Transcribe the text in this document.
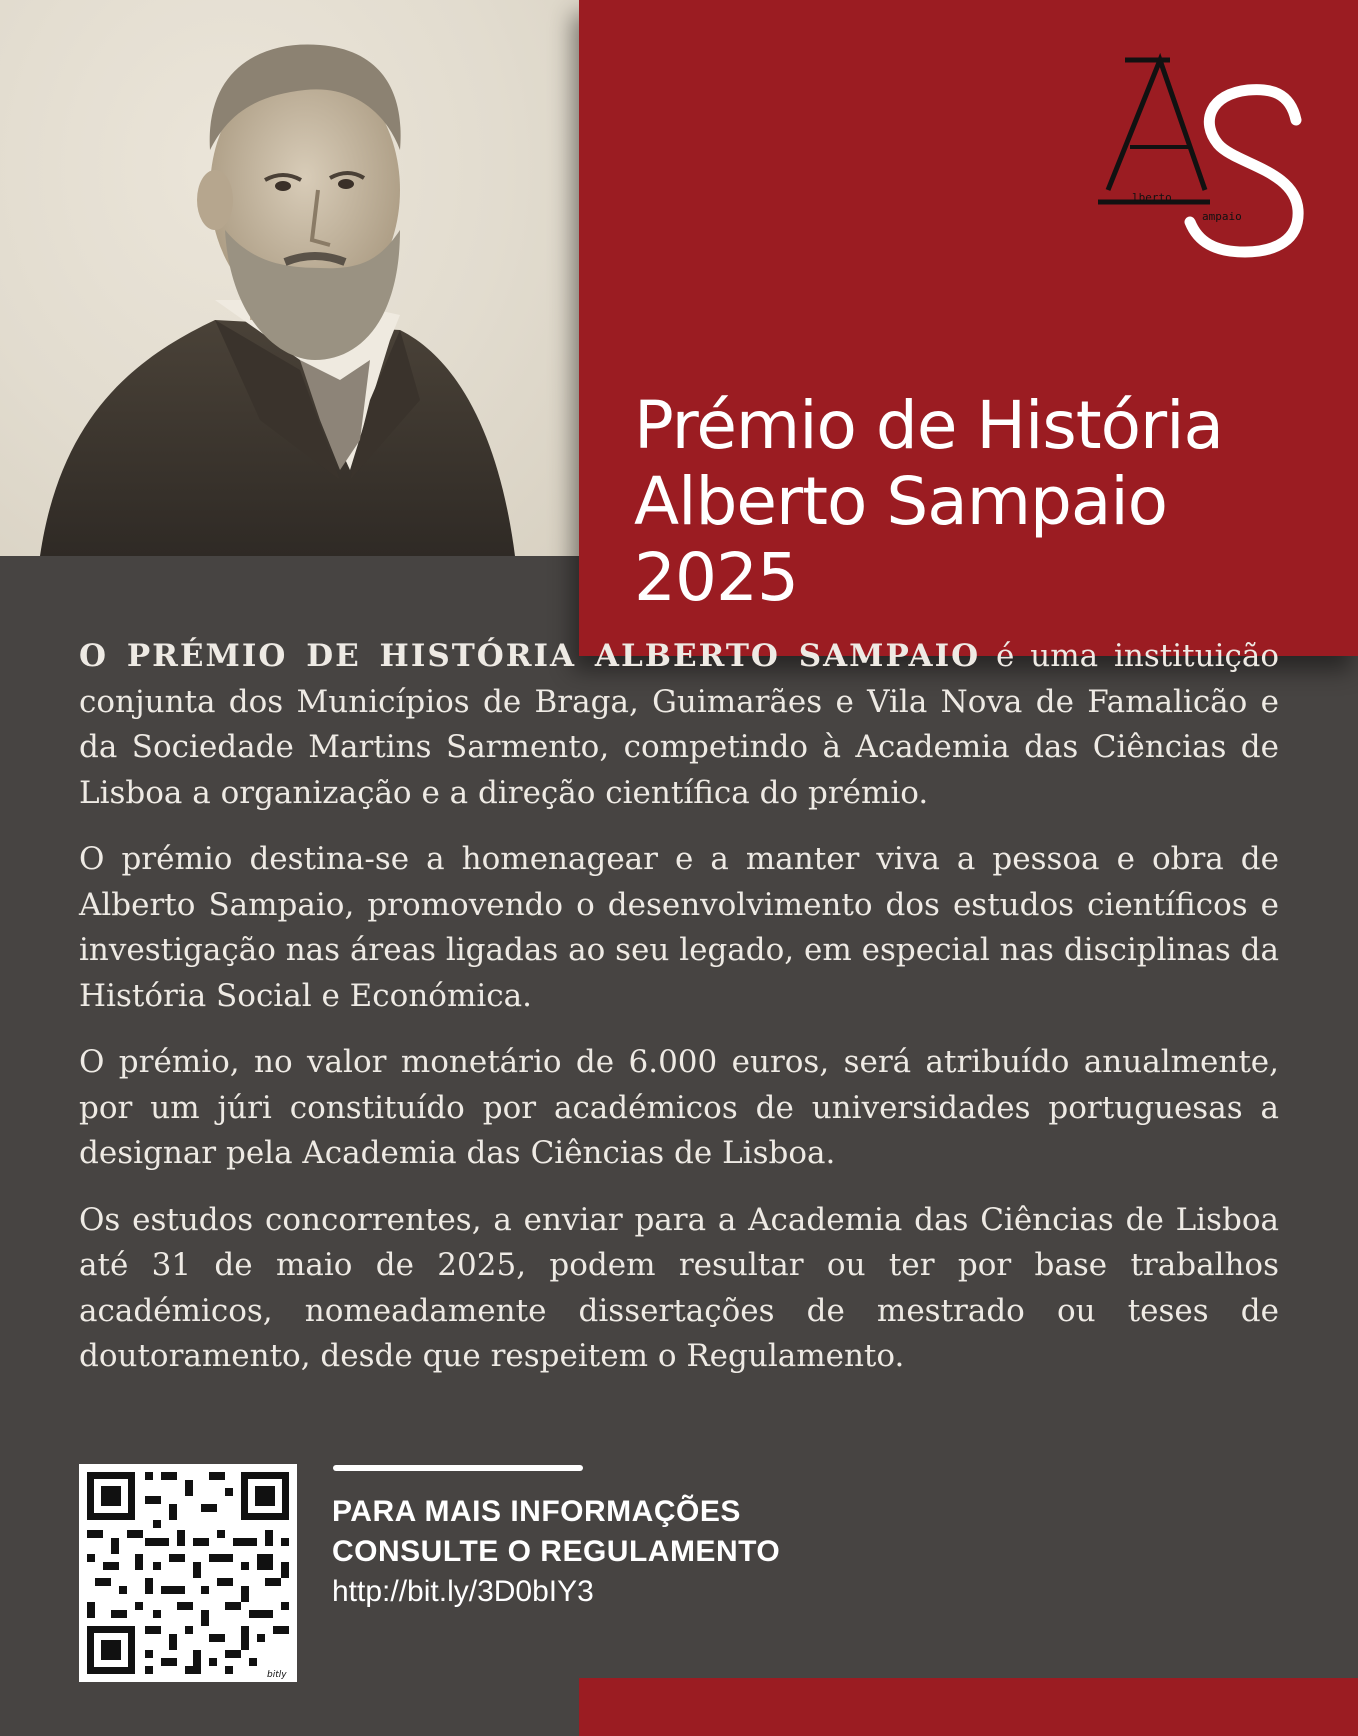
lberto
ampaio
Prémio de História
Alberto Sampaio
2025

O PRÉMIO DE HISTÓRIA ALBERTO SAMPAIO é uma instituição conjunta dos Municípios de Braga, Guimarães e Vila Nova de Famalicão e da Sociedade Martins Sarmento, competindo à Academia das Ciências de Lisboa a organização e a direção científica do prémio.

O prémio destina-se a homenagear e a manter viva a pessoa e obra de Alberto Sampaio, promovendo o desenvolvimento dos estudos científicos e investigação nas áreas ligadas ao seu legado, em especial nas disciplinas da História Social e Económica.

O prémio, no valor monetário de 6.000 euros, será atribuído anualmente, por um júri constituído por académicos de universidades portuguesas a designar pela Academia das Ciências de Lisboa.

Os estudos concorrentes, a enviar para a Academia das Ciências de Lisboa até 31 de maio de 2025, podem resultar ou ter por base trabalhos académicos, nomeadamente dissertações de mestrado ou teses de doutoramento, desde que respeitem o Regulamento.

bitly
PARA MAIS INFORMAÇÕES
CONSULTE O REGULAMENTO
http://bit.ly/3D0bIY3
